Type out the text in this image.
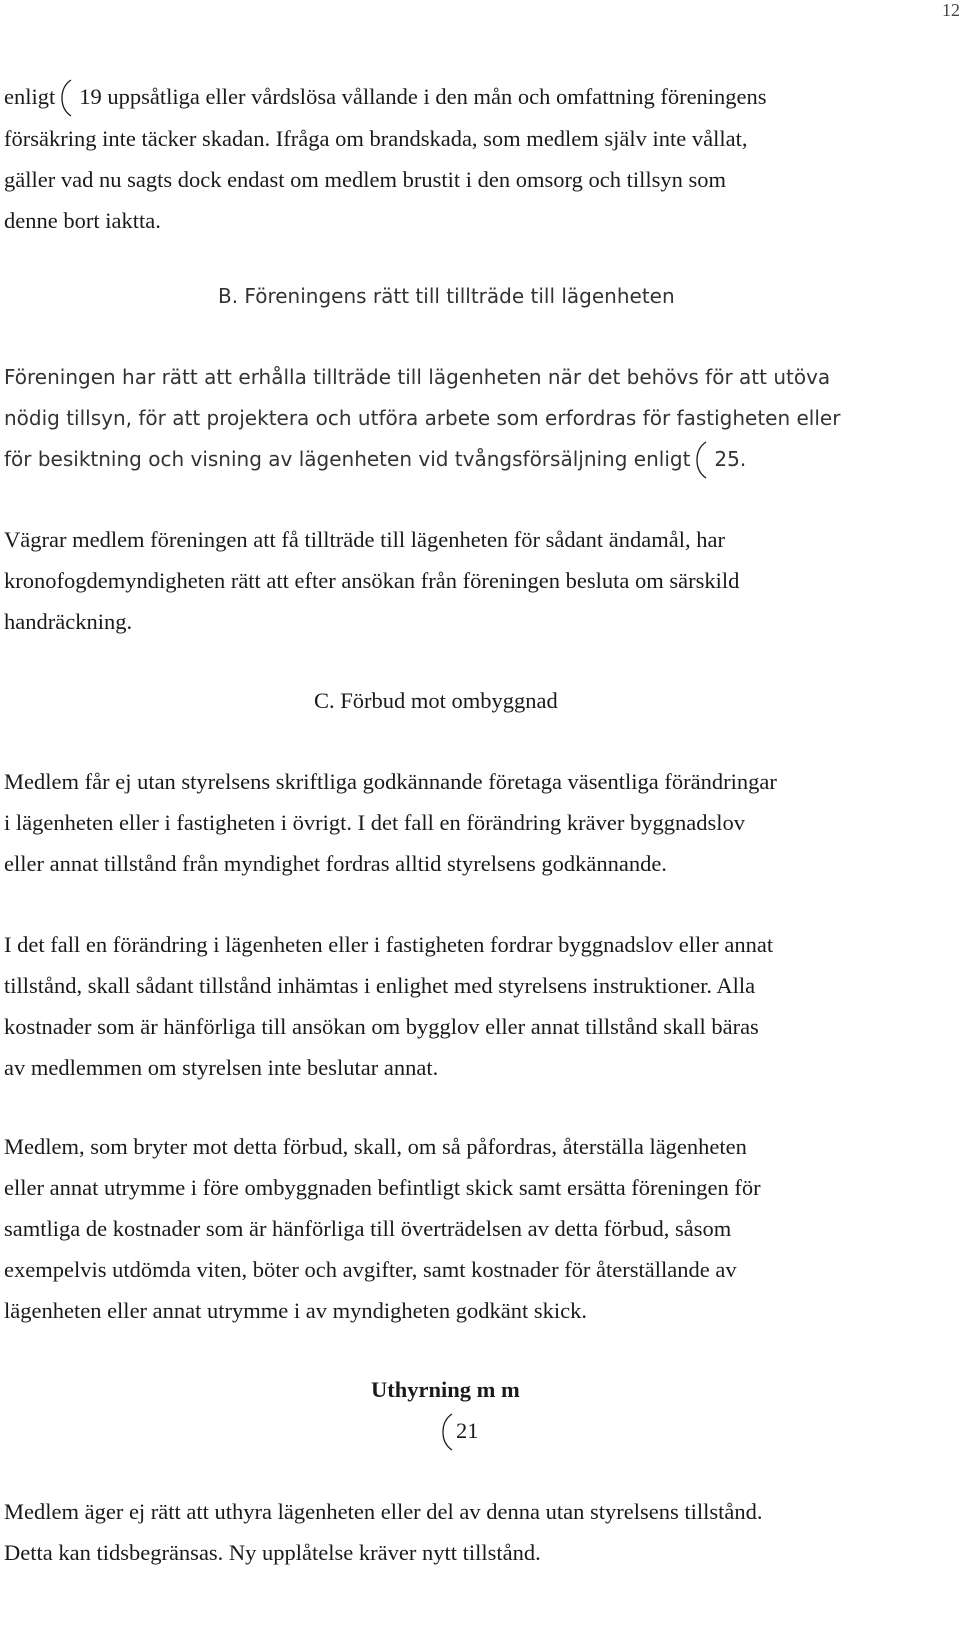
12
enligt 19 uppsåtliga eller vårdslösa vållande i den mån och omfattning föreningens
försäkring inte täcker skadan. Ifråga om brandskada, som medlem själv inte vållat,
gäller vad nu sagts dock endast om medlem brustit i den omsorg och tillsyn som
denne bort iaktta.
B. Föreningens rätt till tillträde till lägenheten
Föreningen har rätt att erhålla tillträde till lägenheten när det behövs för att utöva
nödig tillsyn, för att projektera och utföra arbete som erfordras för fastigheten eller
för besiktning och visning av lägenheten vid tvångsförsäljning enligt 25.
Vägrar medlem föreningen att få tillträde till lägenheten för sådant ändamål, har
kronofogdemyndigheten rätt att efter ansökan från föreningen besluta om särskild
handräckning.
C. Förbud mot ombyggnad
Medlem får ej utan styrelsens skriftliga godkännande företaga väsentliga förändringar
i lägenheten eller i fastigheten i övrigt. I det fall en förändring kräver byggnadslov
eller annat tillstånd från myndighet fordras alltid styrelsens godkännande.
I det fall en förändring i lägenheten eller i fastigheten fordrar byggnadslov eller annat
tillstånd, skall sådant tillstånd inhämtas i enlighet med styrelsens instruktioner. Alla
kostnader som är hänförliga till ansökan om bygglov eller annat tillstånd skall bäras
av medlemmen om styrelsen inte beslutar annat.
Medlem, som bryter mot detta förbud, skall, om så påfordras, återställa lägenheten
eller annat utrymme i före ombyggnaden befintligt skick samt ersätta föreningen för
samtliga de kostnader som är hänförliga till överträdelsen av detta förbud, såsom
exempelvis utdömda viten, böter och avgifter, samt kostnader för återställande av
lägenheten eller annat utrymme i av myndigheten godkänt skick.
Uthyrning m m
21
Medlem äger ej rätt att uthyra lägenheten eller del av denna utan styrelsens tillstånd.
Detta kan tidsbegränsas. Ny upplåtelse kräver nytt tillstånd.
